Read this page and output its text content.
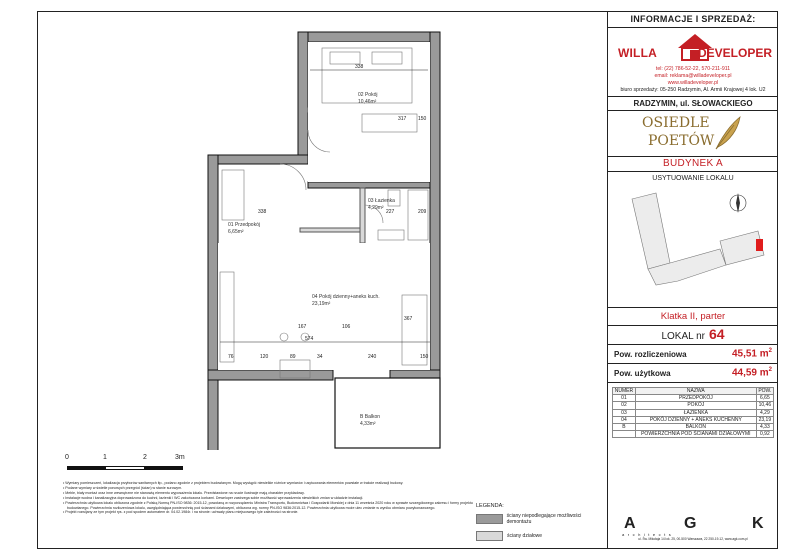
02 Pokój
10,46m²
01 Przedpokój
6,65m²
03 Łazienka
4,29m²
04 Pokój dzienny+aneks kuch.
23,19m²
B Balkon
4,33m²
338
317 150
338	227	209
574
367
76	120	89	34	240	150
167	106
0	1	2	3m

• Wymiary pomieszczeń, lokalizacja przyborów sanitarnych itp., podano zgodnie z projektem budowlanym. Mogą wystąpić niewielkie różnice wymiarów i usytuowania elementów powstałe w trakcie realizacji budowy.

• Podane wymiary w świetle ponowych przegród (ścian) w stanie surowym.

• Meble, biały montaż oraz inne wewnętrzne nie stanowią elementu wyposażenia lokalu. Przedstawione na rzucie ilustracje mają charakter przykładowy.

• Instalacje wodna i kanalizacyjna doprowadzona do kuchni, łazienki i WC zakończona korkami. Deweloper zastrzega sobie możliwość wprowadzenia niewielkich zmian w układzie instalacji.

• Powierzchnia użytkowa lokalu obliczona zgodnie z Polską Normą PN-ISO 9836: 2015-12, powołaną w rozporządzeniu Ministra Transportu, Budownictwa i Gospodarki Morskiej z dnia 11 września 2020 roku w sprawie szczegółowego zakresu i formy projektu budowlanego. Powierzchnia rozliczeniowa lokalu, uwzględniająca powierzchnię pod ścianami działowymi, obliczona wg. normy PN-ISO 9836:2015-12. Powierzchnia użytkowa może ulec zmianie w wyniku obmiaru powykonawczego.

• Projekt rozwijany ze tym projekt rys. z pod spodem automatem dr. 04.02.1984r. i na stronie: uchwały planu miejscowego tyle zależności na stronie.

LEGENDA:
ściany niepodlegające możliwości demontażu
ściany działowe
INFORMACJE I SPRZEDAŻ:
WILLA	DEVELOPER
tel: (22) 786-52-22, 570-211-911
email: reklama@willadeveloper.pl
www.willadeveloper.pl
biuro sprzedaży: 05-250 Radzymin, Al. Armii Krajowej 4 lok. U2
RADZYMIN, ul. SŁOWACKIEGO
OSIEDLE
POETÓW
BUDYNEK A
USYTUOWANIE LOKALU
Klatka II, parter
LOKAL nr 64
Pow. rozliczeniowa	45,51 $m^2$
Pow. użytkowa	44,59 $m^2$
NUMER	NAZWA	POW.
01	PRZEDPOKÓJ	6,65
02	POKÓJ	10,46
03	ŁAZIENKA	4,29
04	POKÓJ DZIENNY + ANEKS KUCHENNY	23,19
B	BALKON	4,33
	POWIERZCHNIA POD ŚCIANAMI DZIAŁOWYMI	0,92
A	G	K
a r c h i t e c t s
ul. Św. Mikołaja 14 lok. 25, 00-500 Warszawa, 22 250-19-12, www.agk.com.pl
